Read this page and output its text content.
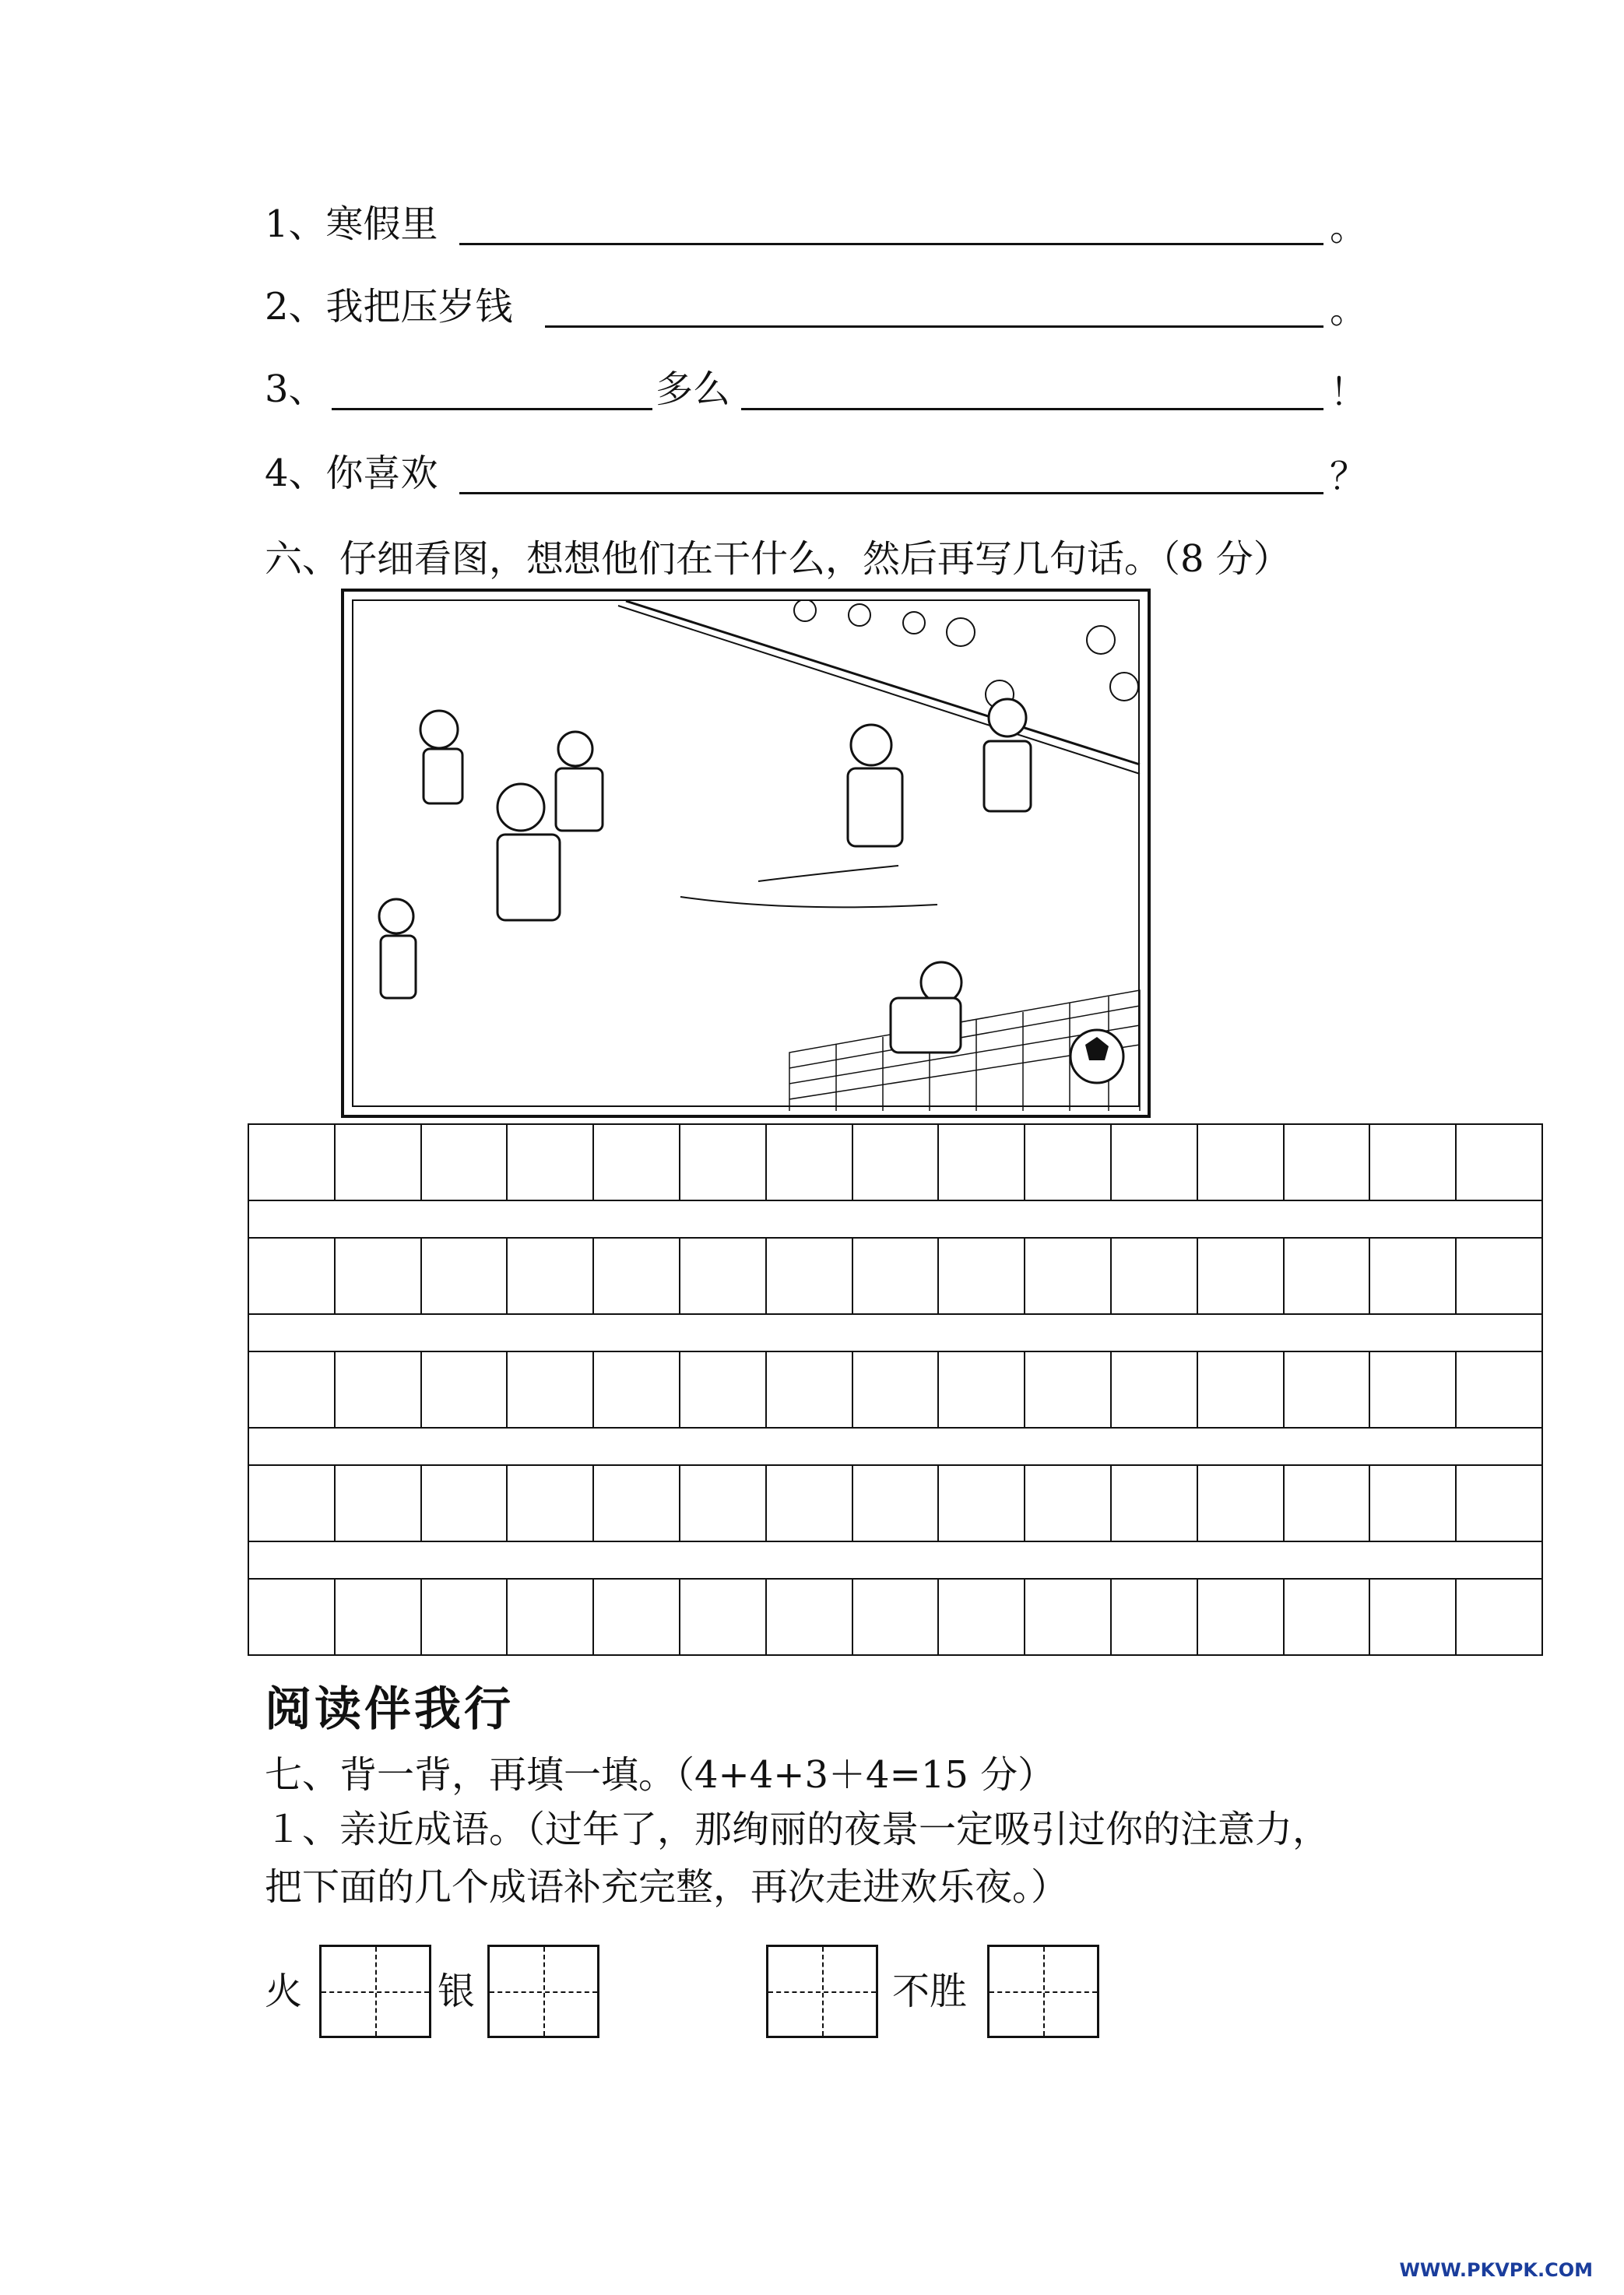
1、寒假里	。
2、我把压岁钱	。
3、	多么	！
4、你喜欢	？
六、仔细看图，想想他们在干什么，然后再写几句话。（8 分）
阅读伴我行
七、背一背，再填一填。（4+4+3＋4=15 分）
１、亲近成语。（过年了，那绚丽的夜景一定吸引过你的注意力，
把下面的几个成语补充完整，再次走进欢乐夜。）
火	银	不胜
WWW.PKVPK.COM
